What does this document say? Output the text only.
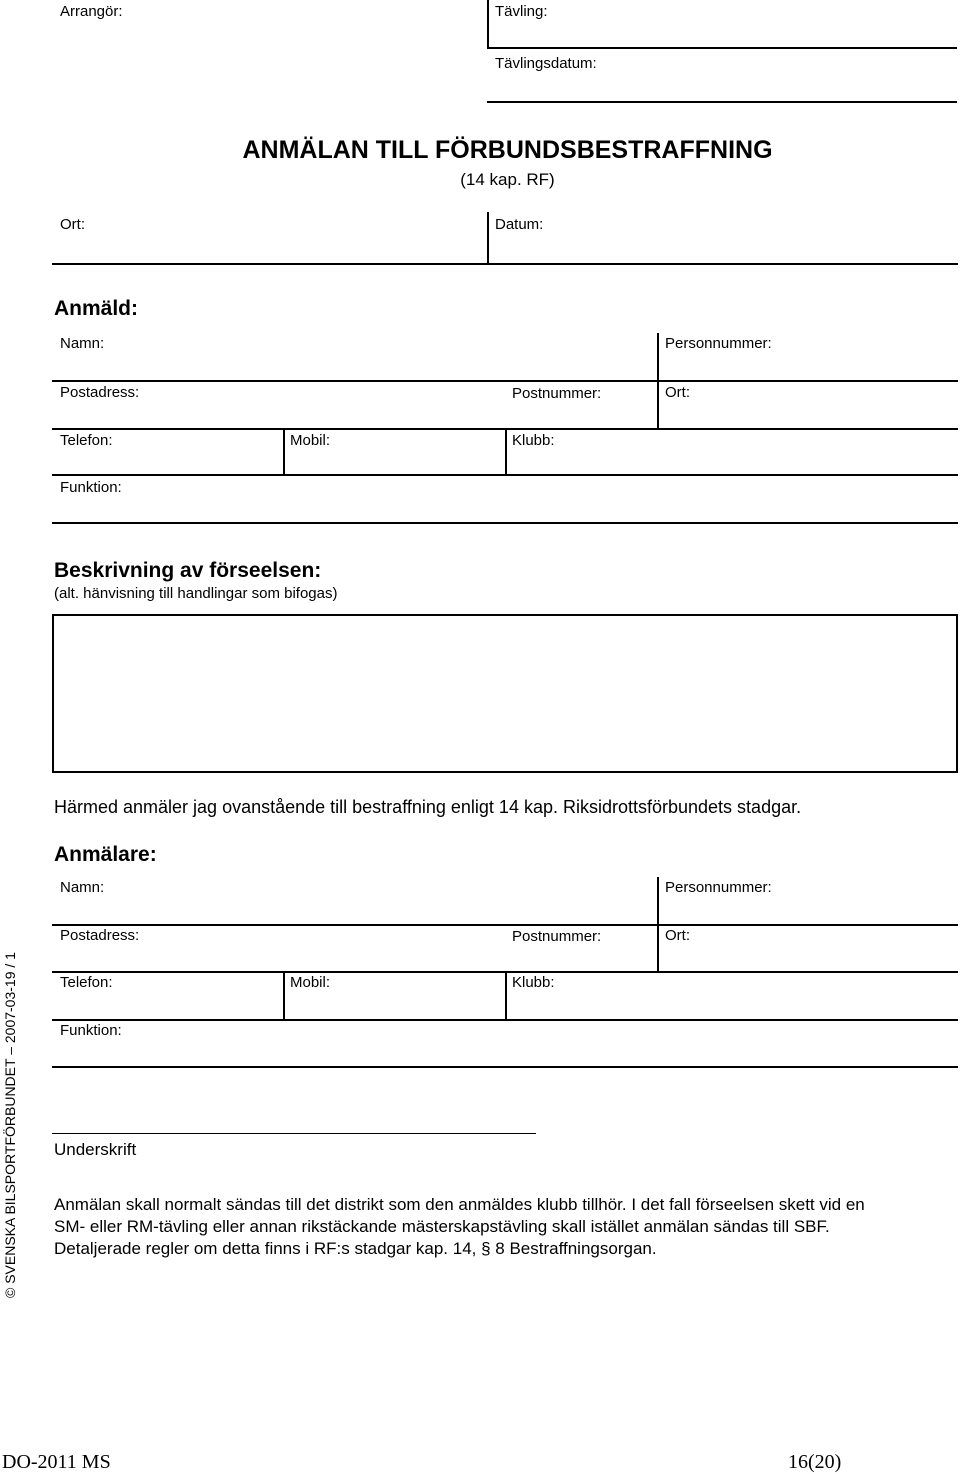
Arrangör:	Tävling:
Tävlingsdatum:
ANMÄLAN TILL FÖRBUNDSBESTRAFFNING
(14 kap. RF)
Ort:	Datum:
Anmäld:
Namn:	Personnummer:
Postadress:	Postnummer:	Ort:
Telefon:	Mobil:	Klubb:
Funktion:
Beskrivning av förseelsen:
(alt. hänvisning till handlingar som bifogas)
Härmed anmäler jag ovanstående till bestraffning enligt 14 kap. Riksidrottsförbundets stadgar.
Anmälare:
Namn:	Personnummer:
Postadress:	Postnummer:	Ort:
Telefon:	Mobil:	Klubb:
Funktion:
Underskrift
Anmälan skall normalt sändas till det distrikt som den anmäldes klubb tillhör. I det fall förseelsen skett vid en
SM- eller RM-tävling eller annan rikstäckande mästerskapstävling skall istället anmälan sändas till SBF.
Detaljerade regler om detta finns i RF:s stadgar kap. 14, § 8 Bestraffningsorgan.
© SVENSKA BILSPORTFÖRBUNDET – 2007-03-19 / 1
DO-2011 MS	16(20)
